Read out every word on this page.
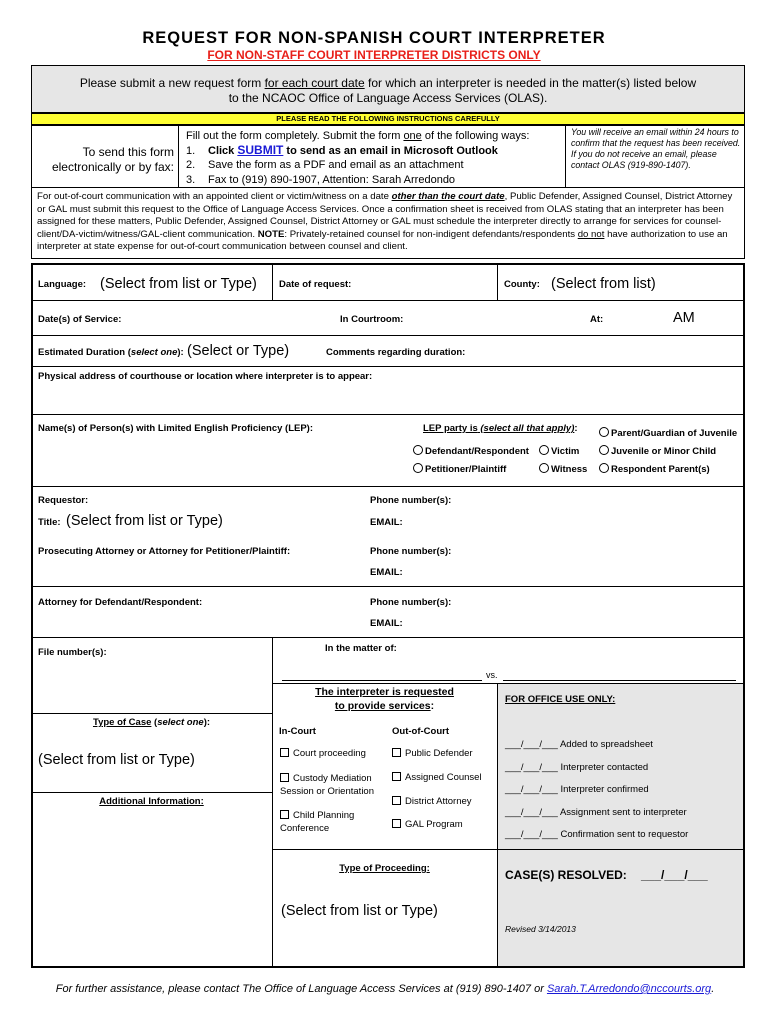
REQUEST FOR NON-SPANISH COURT INTERPRETER
FOR NON-STAFF COURT INTERPRETER DISTRICTS ONLY
Please submit a new request form for each court date for which an interpreter is needed in the matter(s) listed below
to the NCAOC Office of Language Access Services (OLAS).
PLEASE READ THE FOLLOWING INSTRUCTIONS CAREFULLY
To send this form
electronically or by fax:
Fill out the form completely. Submit the form one of the following ways:
1. Click SUBMIT to send as an email in Microsoft Outlook
2. Save the form as a PDF and email as an attachment
3. Fax to (919) 890-1907, Attention: Sarah Arredondo
You will receive an email within 24 hours to confirm that the request has been received. If you do not receive an email, please contact OLAS (919-890-1407).
For out-of-court communication with an appointed client or victim/witness on a date other than the court date, Public Defender, Assigned Counsel, District Attorney or GAL must submit this request to the Office of Language Access Services. Once a confirmation sheet is received from OLAS stating that an interpreter has been assigned for these matters, Public Defender, Assigned Counsel, District Attorney or GAL must schedule the interpreter directly to arrange for services for counsel-client/DA-victim/witness/GAL-client communication. NOTE: Privately-retained counsel for non-indigent defendants/respondents do not have authorization to use an interpreter at state expense for out-of-court communication between counsel and client.
Language: (Select from list or Type) Date of request:	County: (Select from list)
Date(s) of Service:	In Courtroom:	At:	AM
Estimated Duration (select one): (Select or Type)	Comments regarding duration:
Physical address of courthouse or location where interpreter is to appear:
Name(s) of Person(s) with Limited English Proficiency (LEP):	LEP party is (select all that apply):	Parent/Guardian of Juvenile
Defendant/Respondent	Victim	Juvenile or Minor Child
Petitioner/Plaintiff	Witness	Respondent Parent(s)
Requestor:	Phone number(s):
Title: (Select from list or Type)	EMAIL:
Prosecuting Attorney or Attorney for Petitioner/Plaintiff:	Phone number(s):
EMAIL:
Attorney for Defendant/Respondent:	Phone number(s):
EMAIL:
File number(s):	In the matter of:
vs.
Type of Case (select one):
(Select from list or Type)
Additional Information:
The interpreter is requested
to provide services:
In-Court	Out-of-Court
Court proceeding
Custody Mediation
Session or Orientation
Child Planning
Conference
Public Defender
Assigned Counsel
District Attorney
GAL Program
Type of Proceeding:
(Select from list or Type)
FOR OFFICE USE ONLY:
___/___/___ Added to spreadsheet
___/___/___ Interpreter contacted
___/___/___ Interpreter confirmed
___/___/___ Assignment sent to interpreter
___/___/___ Confirmation sent to requestor
CASE(S) RESOLVED: ___/___/___
Revised 3/14/2013
For further assistance, please contact The Office of Language Access Services at (919) 890-1407 or Sarah.T.Arredondo@nccourts.org.
